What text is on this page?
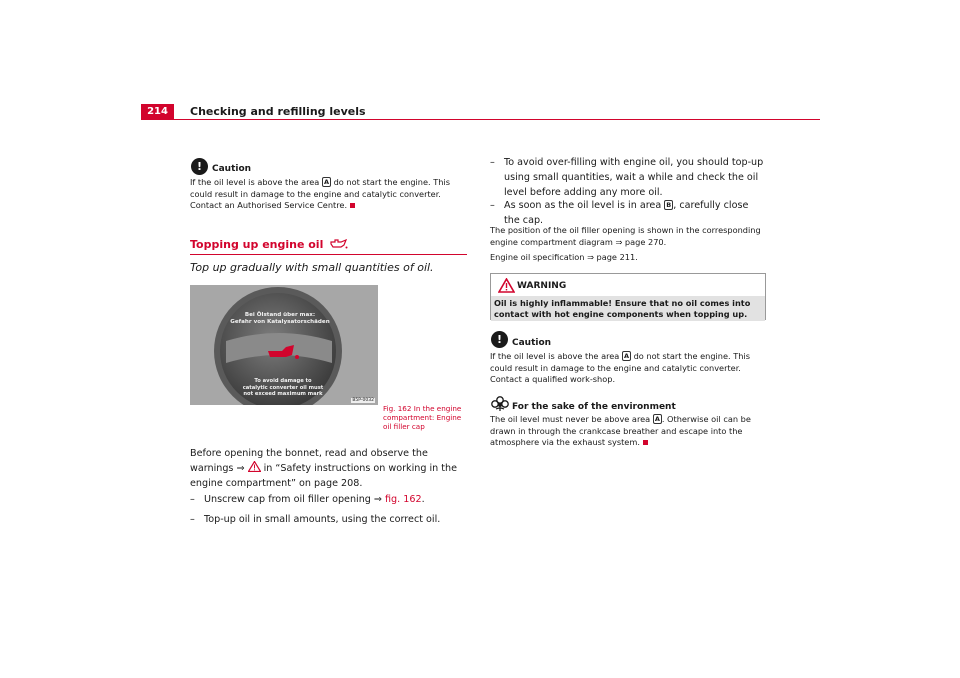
214	Checking and refilling levels
!	Caution
If the oil level is above the area A do not start the engine. This could result in damage to the engine and catalytic converter. Contact an Authorised Service Centre.
Topping up engine oil
Top up gradually with small quantities of oil.
Bei Ölstand über max:
Gefahr von Katalysatorschäden
To avoid damage to
catalytic converter oil must
not exceed maximum mark
B5P-0032
Fig. 162 In the engine compartment: Engine oil filler cap
Before opening the bonnet, read and observe the warnings ⇒  in “Safety instructions on working in the engine compartment” on page 208.
– Unscrew cap from oil filler opening ⇒ fig. 162.
– Top-up oil in small amounts, using the correct oil.
– To avoid over-filling with engine oil, you should top-up using small quantities, wait a while and check the oil level before adding any more oil.
– As soon as the oil level is in area B , carefully close the cap.
The position of the oil filler opening is shown in the corresponding engine compartment diagram ⇒ page 270.
Engine oil specification ⇒ page 211.
WARNING
Oil is highly inflammable! Ensure that no oil comes into contact with hot engine components when topping up.
!	Caution
If the oil level is above the area A do not start the engine. This could result in damage to the engine and catalytic converter. Contact a qualified work-shop.
For the sake of the environment
The oil level must never be above area A . Otherwise oil can be drawn in through the crankcase breather and escape into the atmosphere via the exhaust system.
